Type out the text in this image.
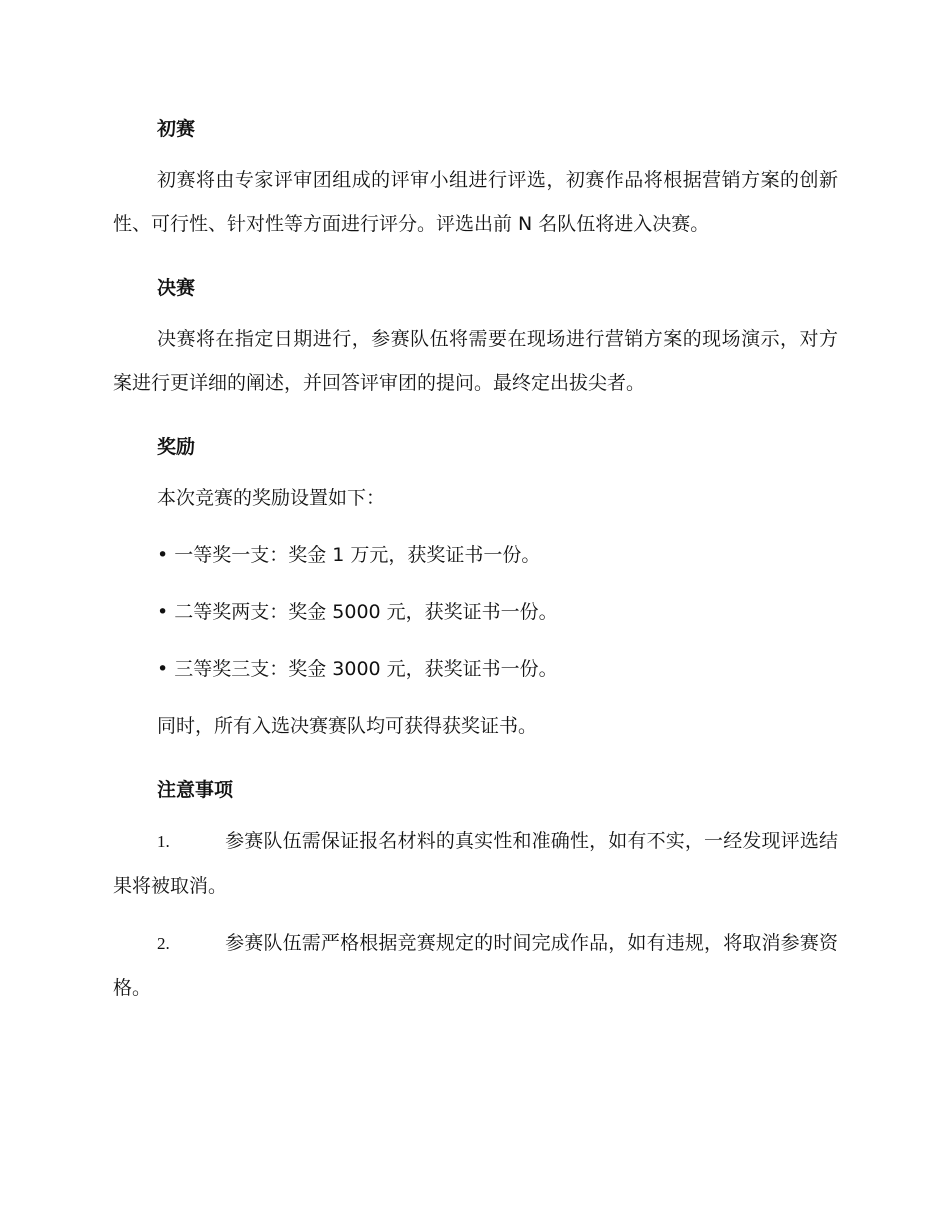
初赛

初赛将由专家评审团组成的评审小组进行评选，初赛作品将根据营销方案的创新性、可行性、针对性等方面进行评分。评选出前 N 名队伍将进入决赛。

决赛

决赛将在指定日期进行，参赛队伍将需要在现场进行营销方案的现场演示，对方案进行更详细的阐述，并回答评审团的提问。最终定出拔尖者。

奖励

本次竞赛的奖励设置如下：

• 一等奖一支：奖金 1 万元，获奖证书一份。

• 二等奖两支：奖金 5000 元，获奖证书一份。

• 三等奖三支：奖金 3000 元，获奖证书一份。

同时，所有入选决赛赛队均可获得获奖证书。

注意事项

1.	参赛队伍需保证报名材料的真实性和准确性，如有不实，一经发现评选结果将被取消。

2.	参赛队伍需严格根据竞赛规定的时间完成作品，如有违规，将取消参赛资格。
